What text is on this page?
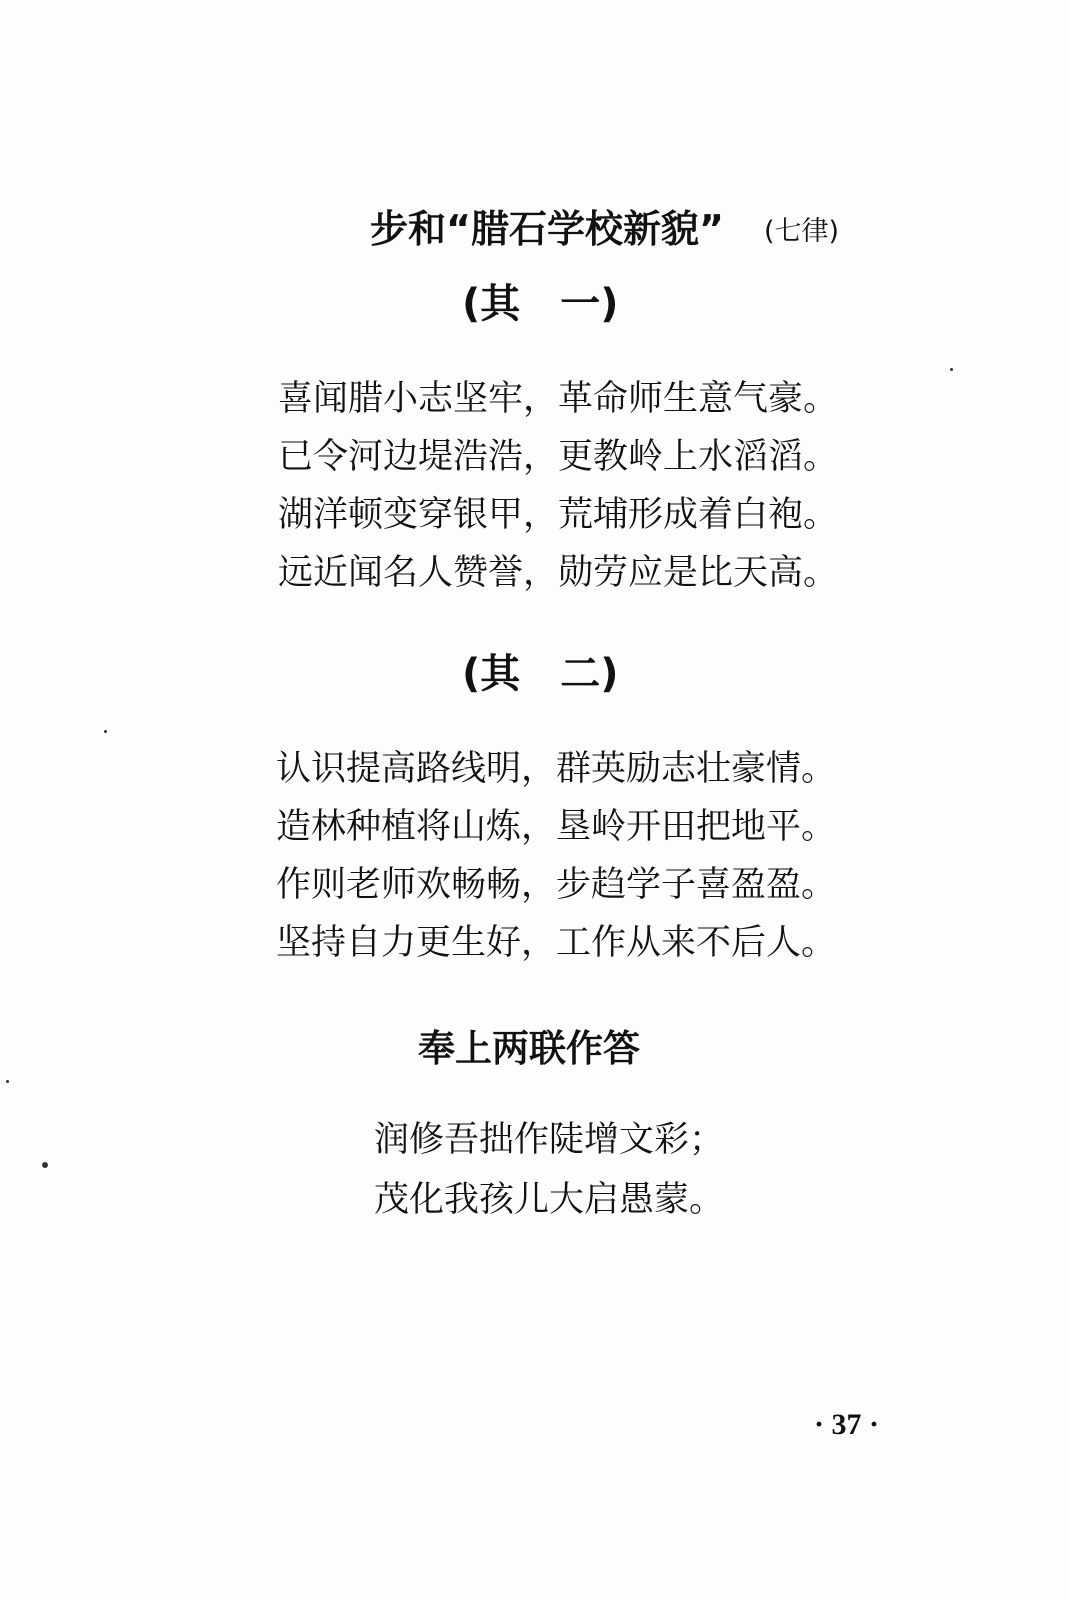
步和“腊石学校新貌” (七律)
(其　一)
喜闻腊小志坚牢，革命师生意气豪。
已令河边堤浩浩，更教岭上水滔滔。
湖洋顿变穿银甲，荒埔形成着白袍。
远近闻名人赞誉，勋劳应是比天高。
(其　二)
认识提高路线明，群英励志壮豪情。
造林种植将山炼，垦岭开田把地平。
作则老师欢畅畅，步趋学子喜盈盈。
坚持自力更生好，工作从来不后人。
奉上两联作答
润修吾拙作陡增文彩；
茂化我孩儿大启愚蒙。
· 37 ·
